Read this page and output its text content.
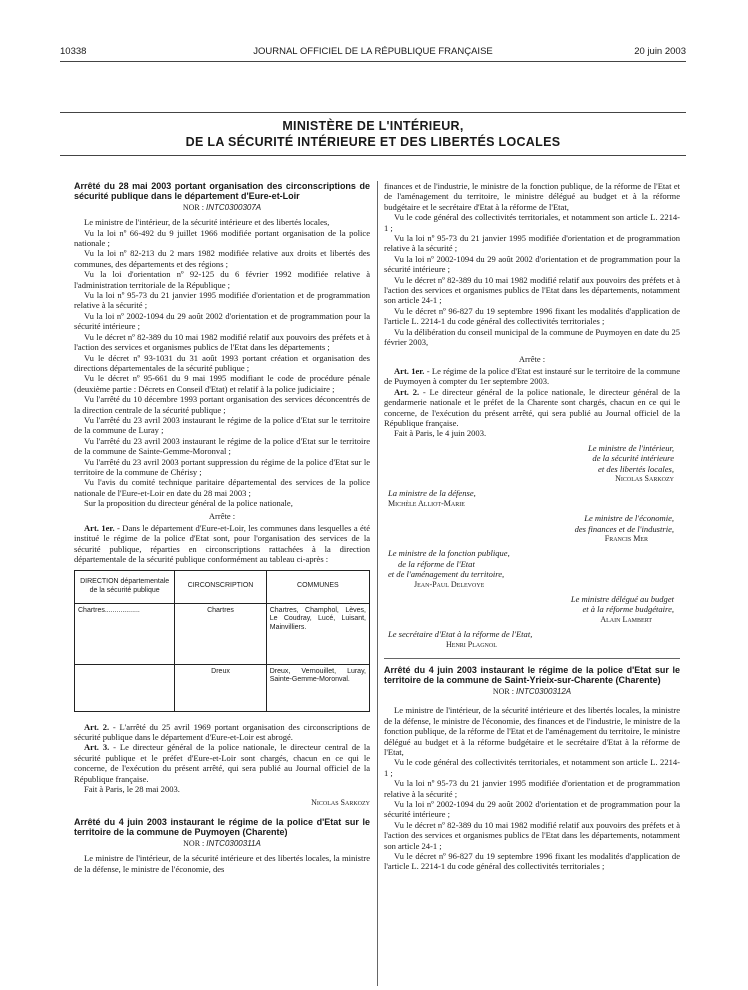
10338	JOURNAL OFFICIEL DE LA RÉPUBLIQUE FRANÇAISE	20 juin 2003
MINISTÈRE DE L'INTÉRIEUR,
DE LA SÉCURITÉ INTÉRIEURE ET DES LIBERTÉS LOCALES

Arrêté du 28 mai 2003 portant organisation des circonscriptions de sécurité publique dans le département d'Eure-et-Loir

NOR : INTC0300307A

Le ministre de l'intérieur, de la sécurité intérieure et des libertés locales,

Vu la loi nº 66-492 du 9 juillet 1966 modifiée portant organisation de la police nationale ;

Vu la loi nº 82-213 du 2 mars 1982 modifiée relative aux droits et libertés des communes, des départements et des régions ;

Vu la loi d'orientation nº 92-125 du 6 février 1992 modifiée relative à l'administration territoriale de la République ;

Vu la loi nº 95-73 du 21 janvier 1995 modifiée d'orientation et de programmation relative à la sécurité ;

Vu la loi nº 2002-1094 du 29 août 2002 d'orientation et de programmation pour la sécurité intérieure ;

Vu le décret nº 82-389 du 10 mai 1982 modifié relatif aux pouvoirs des préfets et à l'action des services et organismes publics de l'Etat dans les départements ;

Vu le décret nº 93-1031 du 31 août 1993 portant création et organisation des directions départementales de la sécurité publique ;

Vu le décret nº 95-661 du 9 mai 1995 modifiant le code de procédure pénale (deuxième partie : Décrets en Conseil d'Etat) et relatif à la police judiciaire ;

Vu l'arrêté du 10 décembre 1993 portant organisation des services déconcentrés de la direction centrale de la sécurité publique ;

Vu l'arrêté du 23 avril 2003 instaurant le régime de la police d'Etat sur le territoire de la commune de Luray ;

Vu l'arrêté du 23 avril 2003 instaurant le régime de la police d'Etat sur le territoire de la commune de Sainte-Gemme-Moronval ;

Vu l'arrêté du 23 avril 2003 portant suppression du régime de la police d'Etat sur le territoire de la commune de Chérisy ;

Vu l'avis du comité technique paritaire départemental des services de la police nationale de l'Eure-et-Loir en date du 28 mai 2003 ;

Sur la proposition du directeur général de la police nationale,

Arrête :

Art. 1er. - Dans le département d'Eure-et-Loir, les communes dans lesquelles a été institué le régime de la police d'Etat sont, pour l'organisation des services de la sécurité publique, réparties en circonscriptions rattachées à la direction départementale de la sécurité publique conformément au tableau ci-après :

DIRECTION départementale de la sécurité publique	CIRCONSCRIPTION	COMMUNES
Chartres..................	Chartres	Chartres, Champhol, Lèves, Le Coudray, Lucé, Luisant, Mainvilliers.
	Dreux	Dreux, Vernouillet, Luray, Sainte-Gemme-Moronval.

Art. 2. - L'arrêté du 25 avril 1969 portant organisation des circonscriptions de sécurité publique dans le département d'Eure-et-Loir est abrogé.

Art. 3. - Le directeur général de la police nationale, le directeur central de la sécurité publique et le préfet d'Eure-et-Loir sont chargés, chacun en ce qui le concerne, de l'exécution du présent arrêté, qui sera publié au Journal officiel de la République française.

Fait à Paris, le 28 mai 2003.

Nicolas Sarkozy

Arrêté du 4 juin 2003 instaurant le régime de la police d'Etat sur le territoire de la commune de Puymoyen (Charente)

NOR : INTC0300311A

Le ministre de l'intérieur, de la sécurité intérieure et des libertés locales, la ministre de la défense, le ministre de l'économie, des

finances et de l'industrie, le ministre de la fonction publique, de la réforme de l'Etat et de l'aménagement du territoire, le ministre délégué au budget et à la réforme budgétaire et le secrétaire d'Etat à la réforme de l'Etat,

Vu le code général des collectivités territoriales, et notamment son article L. 2214-1 ;

Vu la loi nº 95-73 du 21 janvier 1995 modifiée d'orientation et de programmation relative à la sécurité ;

Vu la loi nº 2002-1094 du 29 août 2002 d'orientation et de programmation pour la sécurité intérieure ;

Vu le décret nº 82-389 du 10 mai 1982 modifié relatif aux pouvoirs des préfets et à l'action des services et organismes publics de l'Etat dans les départements, notamment son article 24-1 ;

Vu le décret nº 96-827 du 19 septembre 1996 fixant les modalités d'application de l'article L. 2214-1 du code général des collectivités territoriales ;

Vu la délibération du conseil municipal de la commune de Puymoyen en date du 25 février 2003,

Arrête :

Art. 1er. - Le régime de la police d'Etat est instauré sur le territoire de la commune de Puymoyen à compter du 1er septembre 2003.

Art. 2. - Le directeur général de la police nationale, le directeur général de la gendarmerie nationale et le préfet de la Charente sont chargés, chacun en ce qui le concerne, de l'exécution du présent arrêté, qui sera publié au Journal officiel de la République française.

Fait à Paris, le 4 juin 2003.

Le ministre de l'intérieur,
de la sécurité intérieure
et des libertés locales,
Nicolas Sarkozy
La ministre de la défense,
Michèle Alliot-Marie
Le ministre de l'économie,
des finances et de l'industrie,
Francis Mer
Le ministre de la fonction publique,
de la réforme de l'Etat
et de l'aménagement du territoire,
Jean-Paul Delevoye
Le ministre délégué au budget
et à la réforme budgétaire,
Alain Lambert
Le secrétaire d'Etat à la réforme de l'Etat,
Henri Plagnol

Arrêté du 4 juin 2003 instaurant le régime de la police d'Etat sur le territoire de la commune de Saint-Yrieix-sur-Charente (Charente)

NOR : INTC0300312A

Le ministre de l'intérieur, de la sécurité intérieure et des libertés locales, la ministre de la défense, le ministre de l'économie, des finances et de l'industrie, le ministre de la fonction publique, de la réforme de l'Etat et de l'aménagement du territoire, le ministre délégué au budget et à la réforme budgétaire et le secrétaire d'Etat à la réforme de l'Etat,

Vu le code général des collectivités territoriales, et notamment son article L. 2214-1 ;

Vu la loi nº 95-73 du 21 janvier 1995 modifiée d'orientation et de programmation relative à la sécurité ;

Vu la loi nº 2002-1094 du 29 août 2002 d'orientation et de programmation pour la sécurité intérieure ;

Vu le décret nº 82-389 du 10 mai 1982 modifié relatif aux pouvoirs des préfets et à l'action des services et organismes publics de l'Etat dans les départements, notamment son article 24-1 ;

Vu le décret nº 96-827 du 19 septembre 1996 fixant les modalités d'application de l'article L. 2214-1 du code général des collectivités territoriales ;
